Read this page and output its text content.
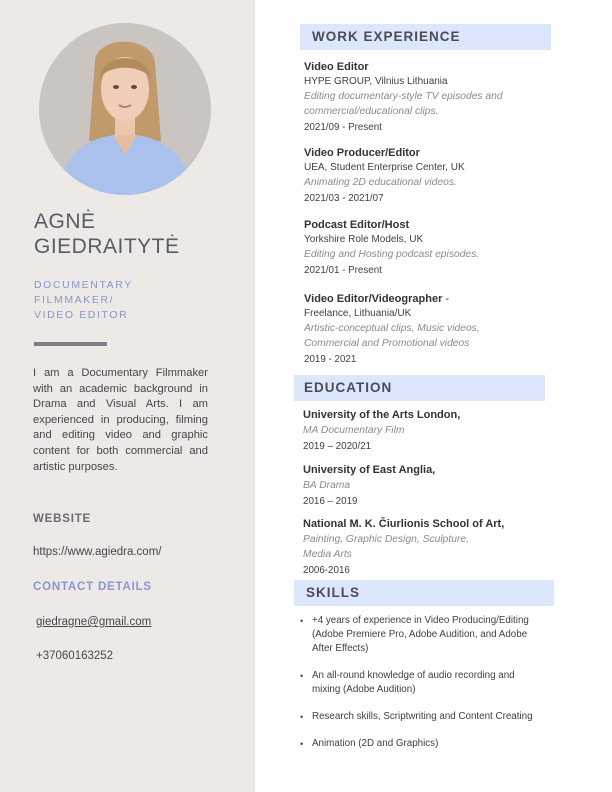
AGNĖ
GIEDRAITYTĖ
DOCUMENTARY
FILMMAKER/
VIDEO EDITOR
I am a Documentary Filmmaker with an academic background in Drama and Visual Arts. I am experienced in producing, filming and editing video and graphic content for both commercial and artistic purposes.
WEBSITE
https://www.agiedra.com/
CONTACT DETAILS
giedragne@gmail.com
+37060163252
WORK EXPERIENCE
Video Editor
HYPE GROUP, Vilnius Lithuania
Editing documentary-style TV episodes and
commercial/educational clips.
2021/09 - Present
Video Producer/Editor
UEA, Student Enterprise Center, UK
Animating 2D educational videos.
2021/03 - 2021/07
Podcast Editor/Host
Yorkshire Role Models, UK
Editing and Hosting podcast episodes.
2021/01 - Present
Video Editor/Videographer -
Freelance, Lithuania/UK
Artistic-conceptual clips, Music videos,
Commercial and Promotional videos
2019 - 2021
EDUCATION
University of the Arts London,
MA Documentary Film
2019 – 2020/21
University of East Anglia,
BA Drama
2016 – 2019
National M. K. Čiurlionis School of Art,
Painting, Graphic Design, Sculpture,
Media Arts
2006-2016
SKILLS
• +4 years of experience in Video Producing/Editing (Adobe Premiere Pro, Adobe Audition, and Adobe After Effects)
• An all-round knowledge of audio recording and mixing (Adobe Audition)
• Research skills, Scriptwriting and Content Creating
• Animation (2D and Graphics)
